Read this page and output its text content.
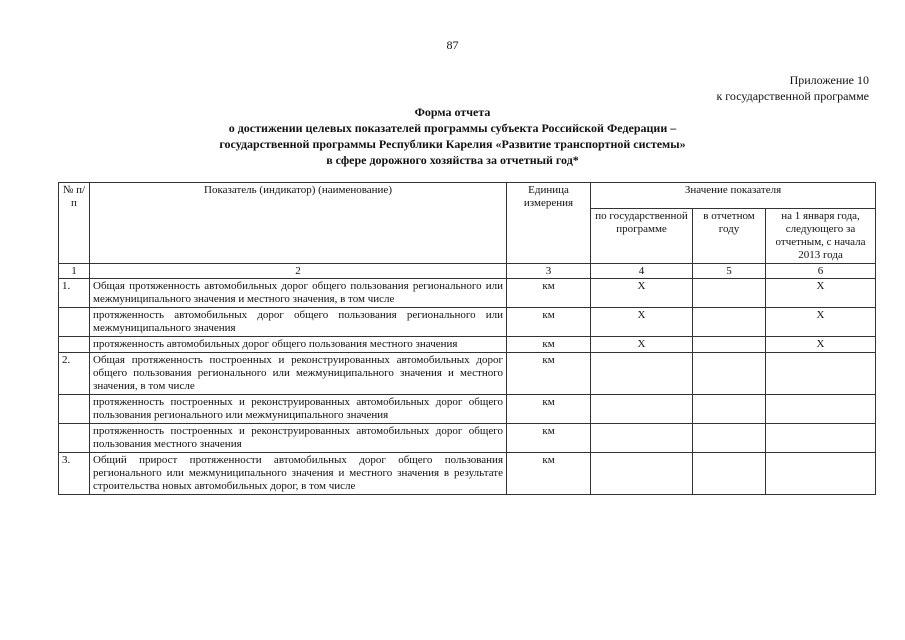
87
Приложение 10
к государственной программе
Форма отчета
о достижении целевых показателей программы субъекта Российской Федерации –
государственной программы Республики Карелия «Развитие транспортной системы»
в сфере дорожного хозяйства за отчетный год*
№ п/п	Показатель (индикатор) (наименование)	Единица измерения	Значение показателя		
			по государственной программе	в отчетном году	на 1 января года, следующего за отчетным, с начала 2013 года
1	2	3	4	5	6
1.	Общая протяженность автомобильных дорог общего пользования регионального или межмуниципального значения и местного значения, в том числе	км	Х		Х
	протяженность автомобильных дорог общего пользования регионального или межмуниципального значения	км	Х		Х
	протяженность автомобильных дорог общего пользования местного значения	км	Х		Х
2.	Общая протяженность построенных и реконструированных автомобильных дорог общего пользования регионального или межмуниципального значения и местного значения, в том числе	км			
	протяженность построенных и реконструированных автомобильных дорог общего пользования регионального или межмуниципального значения	км			
	протяженность построенных и реконструированных автомобильных дорог общего пользования местного значения	км			
3.	Общий прирост протяженности автомобильных дорог общего пользования регионального или межмуниципального значения и местного значения в результате строительства новых автомобильных дорог, в том числе	км			
